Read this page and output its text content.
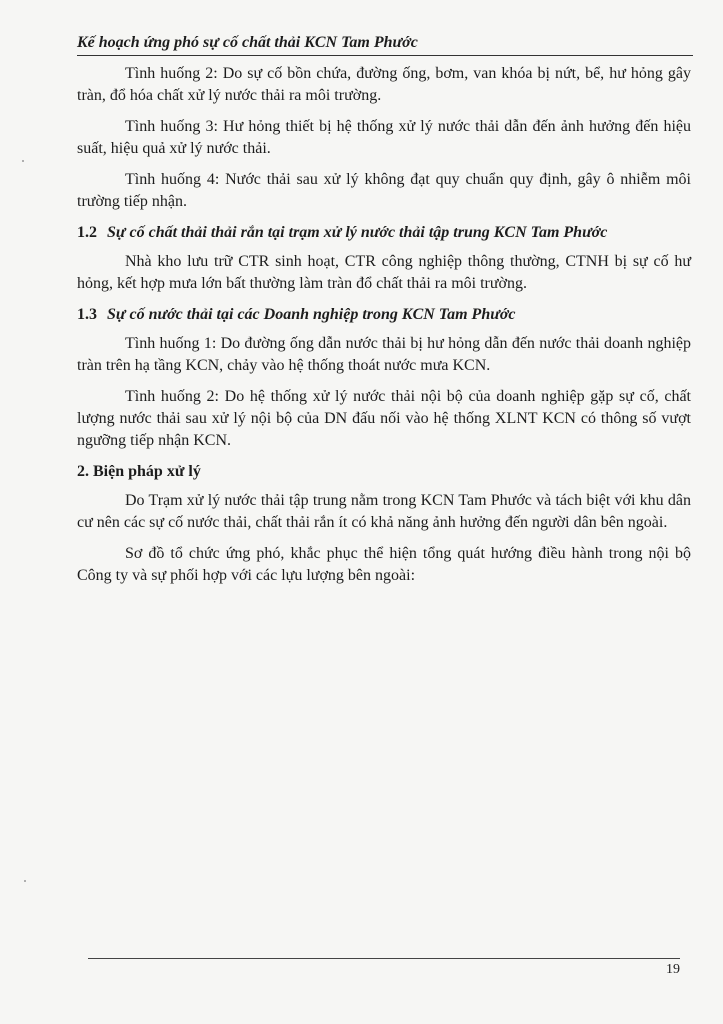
Kế hoạch ứng phó sự cố chất thải KCN Tam Phước

Tình huống 2: Do sự cố bồn chứa, đường ống, bơm, van khóa bị nứt, bể, hư hỏng gây tràn, đổ hóa chất xử lý nước thải ra môi trường.

Tình huống 3: Hư hỏng thiết bị hệ thống xử lý nước thải dẫn đến ảnh hưởng đến hiệu suất, hiệu quả xử lý nước thải.

Tình huống 4: Nước thải sau xử lý không đạt quy chuẩn quy định, gây ô nhiễm môi trường tiếp nhận.

1.2 Sự cố chất thải thải rắn tại trạm xử lý nước thải tập trung KCN Tam Phước

Nhà kho lưu trữ CTR sinh hoạt, CTR công nghiệp thông thường, CTNH bị sự cố hư hỏng, kết hợp mưa lớn bất thường làm tràn đổ chất thải ra môi trường.

1.3 Sự cố nước thải tại các Doanh nghiệp trong KCN Tam Phước

Tình huống 1: Do đường ống dẫn nước thải bị hư hỏng dẫn đến nước thải doanh nghiệp tràn trên hạ tầng KCN, chảy vào hệ thống thoát nước mưa KCN.

Tình huống 2: Do hệ thống xử lý nước thải nội bộ của doanh nghiệp gặp sự cố, chất lượng nước thải sau xử lý nội bộ của DN đấu nối vào hệ thống XLNT KCN có thông số vượt ngưỡng tiếp nhận KCN.

2. Biện pháp xử lý

Do Trạm xử lý nước thải tập trung nằm trong KCN Tam Phước và tách biệt với khu dân cư nên các sự cố nước thải, chất thải rắn ít có khả năng ảnh hưởng đến người dân bên ngoài.

Sơ đồ tổ chức ứng phó, khắc phục thể hiện tổng quát hướng điều hành trong nội bộ Công ty và sự phối hợp với các lựu lượng bên ngoài:

19
